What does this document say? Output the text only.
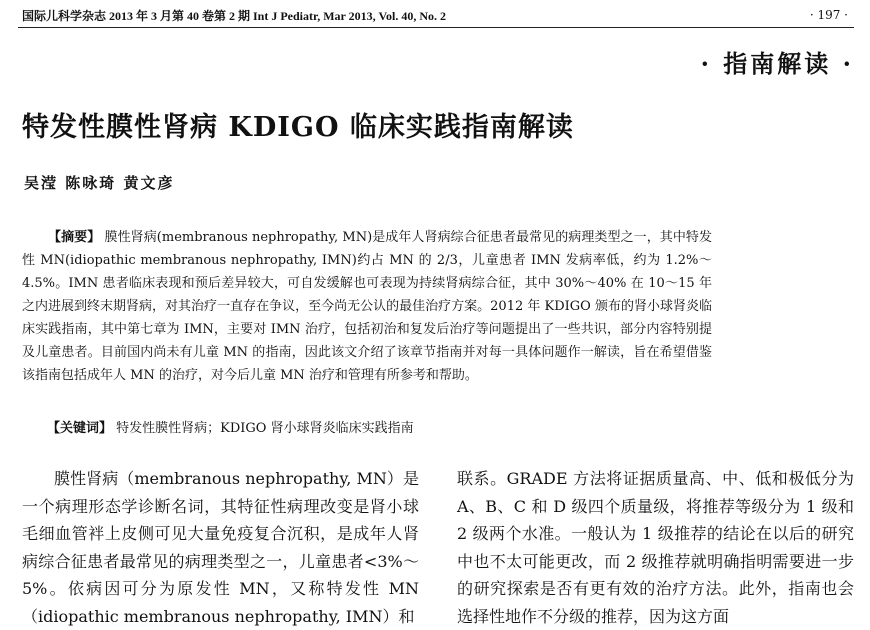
国际儿科学杂志 2013 年 3 月第 40 卷第 2 期 Int J Pediatr, Mar 2013, Vol. 40, No. 2	· 197 ·
· 指南解读 ·
特发性膜性肾病 KDIGO 临床实践指南解读
吴滢 陈咏琦 黄文彦

【摘要】 膜性肾病(membranous nephropathy, MN)是成年人肾病综合征患者最常见的病理类型之一，其中特发性 MN(idiopathic membranous nephropathy, IMN)约占 MN 的 2/3，儿童患者 IMN 发病率低，约为 1.2%～4.5%。IMN 患者临床表现和预后差异较大，可自发缓解也可表现为持续肾病综合征，其中 30%～40% 在 10～15 年之内进展到终末期肾病，对其治疗一直存在争议，至今尚无公认的最佳治疗方案。2012 年 KDIGO 颁布的肾小球肾炎临床实践指南，其中第七章为 IMN，主要对 IMN 治疗，包括初治和复发后治疗等问题提出了一些共识，部分内容特别提及儿童患者。目前国内尚未有儿童 MN 的指南，因此该文介绍了该章节指南并对每一具体问题作一解读，旨在希望借鉴该指南包括成年人 MN 的治疗，对今后儿童 MN 治疗和管理有所参考和帮助。

【关键词】 特发性膜性肾病；KDIGO 肾小球肾炎临床实践指南

膜性肾病（membranous nephropathy, MN）是一个病理形态学诊断名词，其特征性病理改变是肾小球毛细血管袢上皮侧可见大量免疫复合沉积，是成年人肾病综合征患者最常见的病理类型之一，儿童患者<3%～5%。依病因可分为原发性 MN，又称特发性 MN（idiopathic membranous nephropathy, IMN）和

联系。GRADE 方法将证据质量高、中、低和极低分为 A、B、C 和 D 级四个质量级，将推荐等级分为 1 级和 2 级两个水准。一般认为 1 级推荐的结论在以后的研究中也不太可能更改，而 2 级推荐就明确指明需要进一步的研究探索是否有更有效的治疗方法。此外，指南也会选择性地作不分级的推荐，因为这方面
